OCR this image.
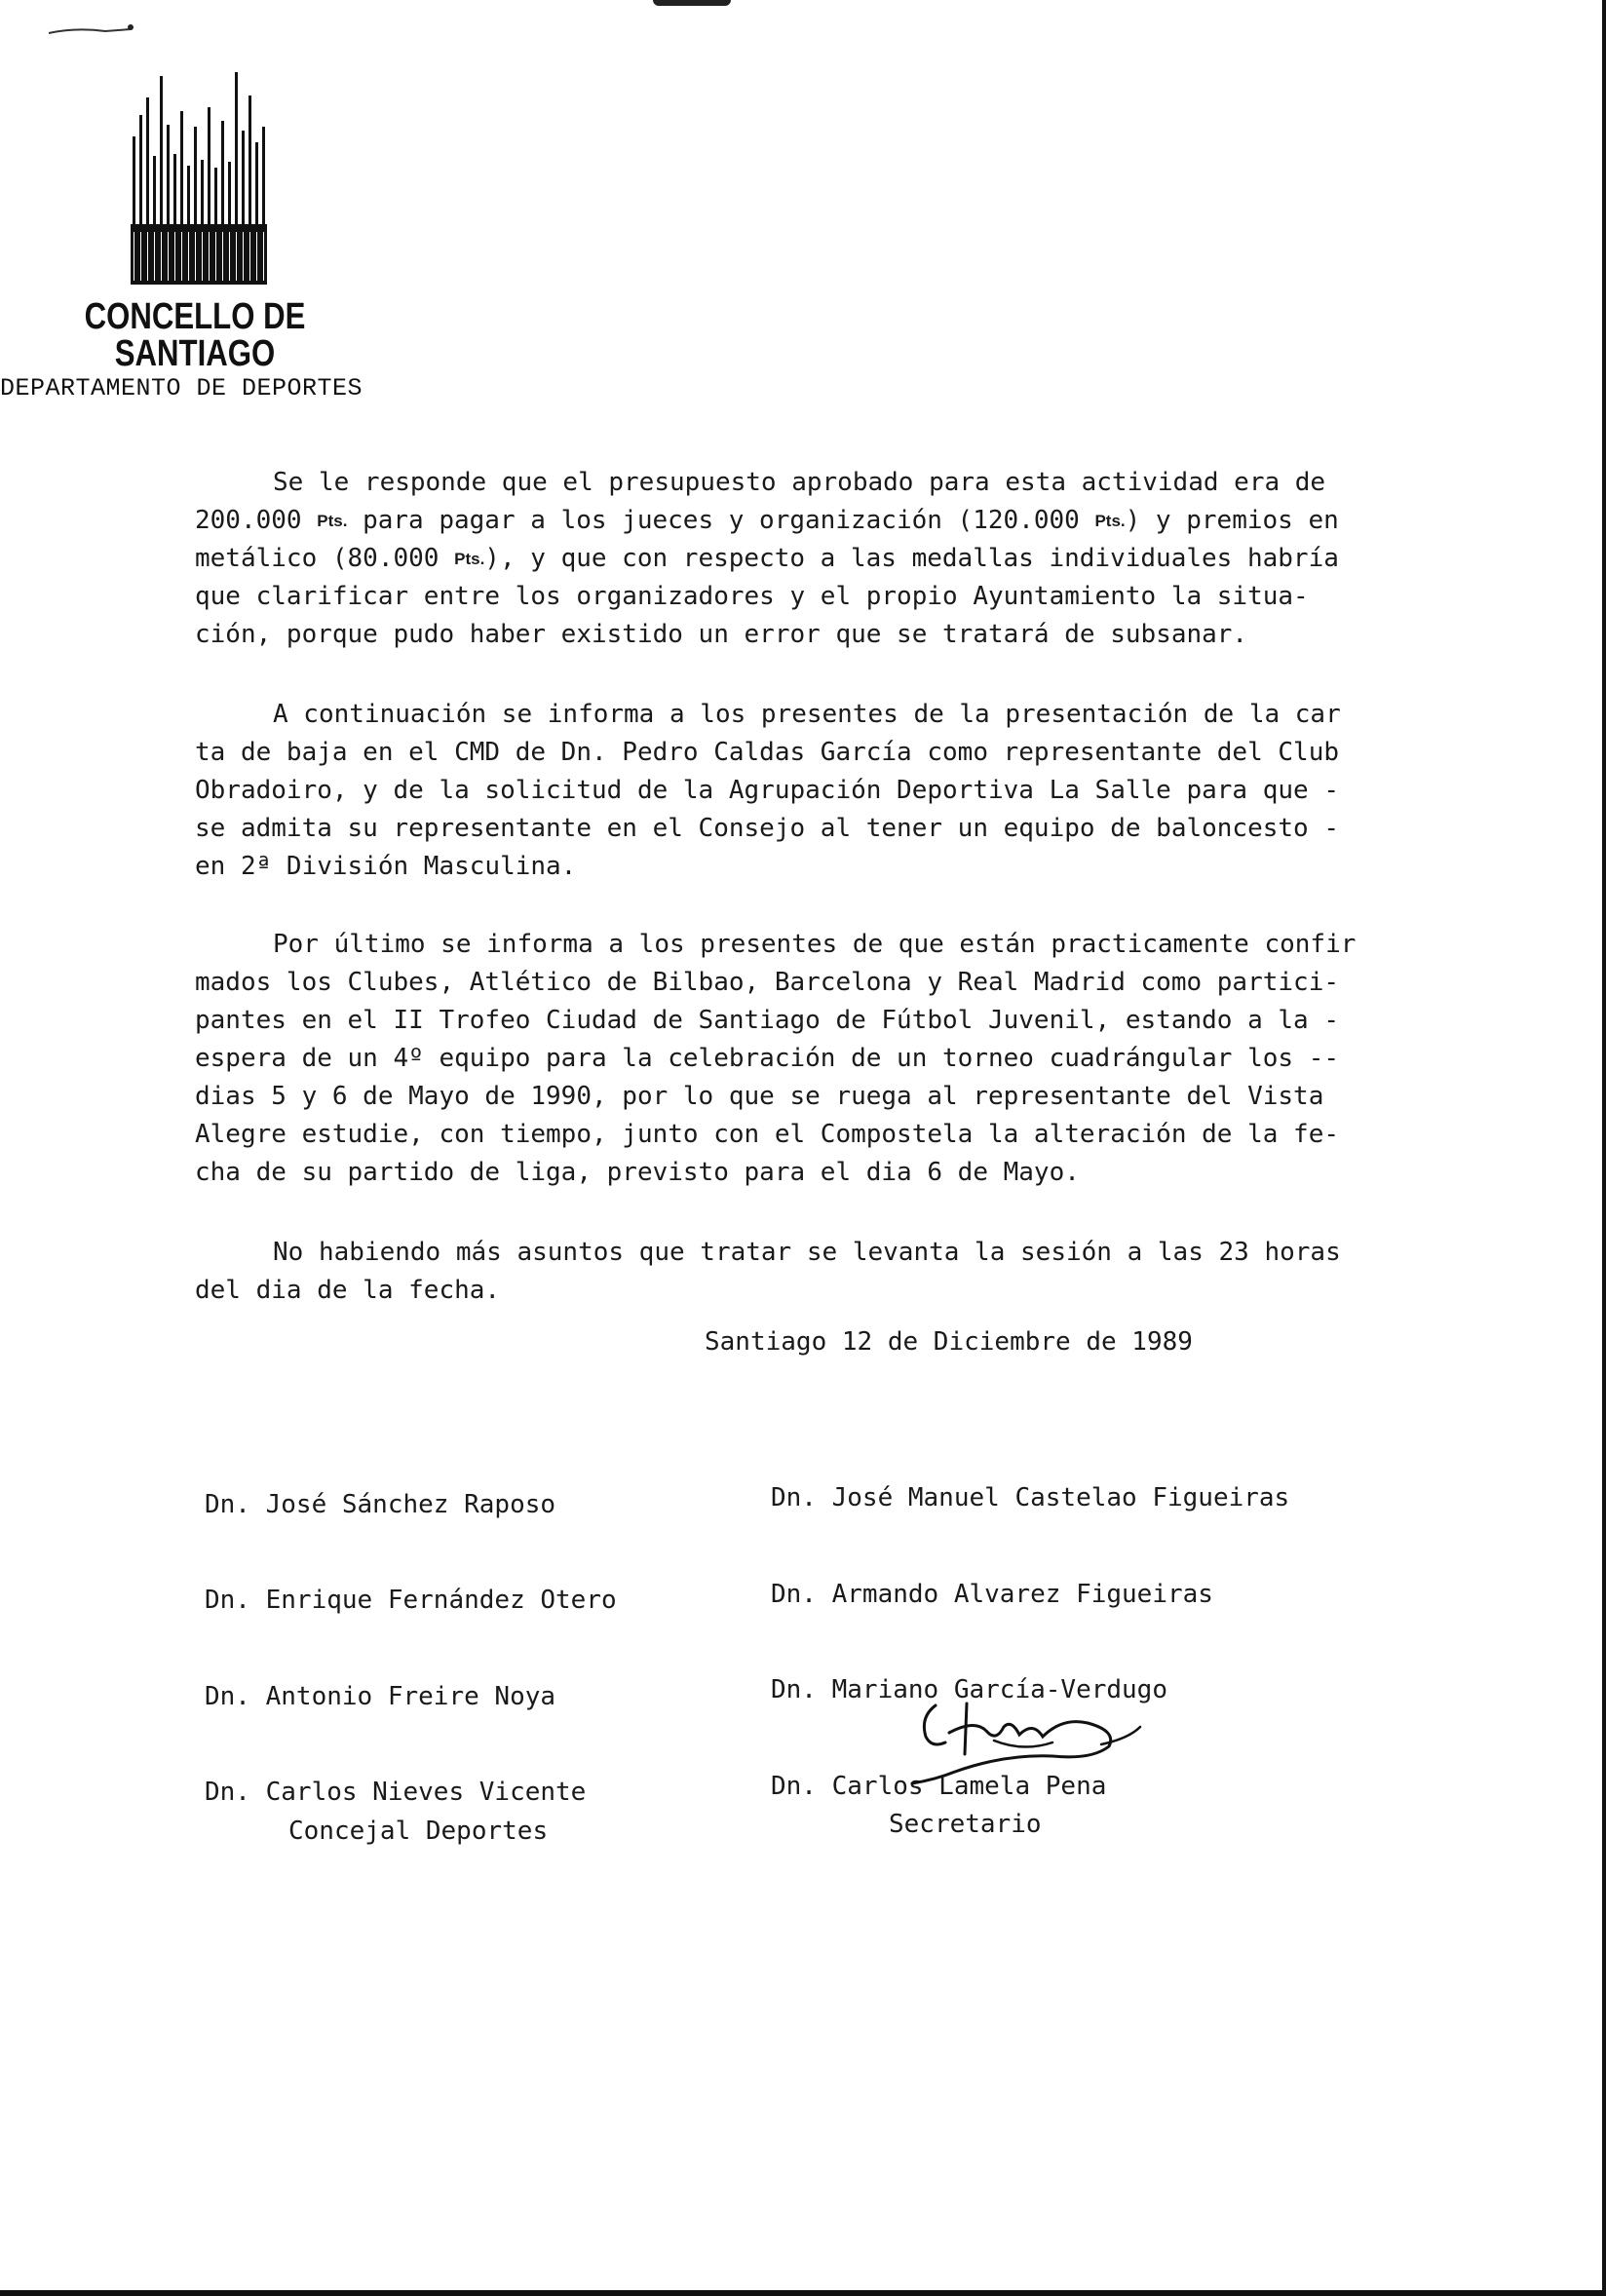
CONCELLO DE
SANTIAGO
DEPARTAMENTO DE DEPORTES
Se le responde que el presupuesto aprobado para esta actividad era de
200.000 Pts. para pagar a los jueces y organización (120.000 Pts.) y premios en
metálico (80.000 Pts.), y que con respecto a las medallas individuales habría
que clarificar entre los organizadores y el propio Ayuntamiento la situa-
ción, porque pudo haber existido un error que se tratará de subsanar.
A continuación se informa a los presentes de la presentación de la car
ta de baja en el CMD de Dn. Pedro Caldas García como representante del Club
Obradoiro, y de la solicitud de la Agrupación Deportiva La Salle para que -
se admita su representante en el Consejo al tener un equipo de baloncesto -
en 2ª División Masculina.
Por último se informa a los presentes de que están practicamente confir
mados los Clubes, Atlético de Bilbao, Barcelona y Real Madrid como partici-
pantes en el II Trofeo Ciudad de Santiago de Fútbol Juvenil, estando a la -
espera de un 4º equipo para la celebración de un torneo cuadrángular los --
dias 5 y 6 de Mayo de 1990, por lo que se ruega al representante del Vista
Alegre estudie, con tiempo, junto con el Compostela la alteración de la fe-
cha de su partido de liga, previsto para el dia 6 de Mayo.
No habiendo más asuntos que tratar se levanta la sesión a las 23 horas
del dia de la fecha.
Santiago 12 de Diciembre de 1989
Dn. José Sánchez Raposo
Dn. Enrique Fernández Otero
Dn. Antonio Freire Noya
Dn. Carlos Nieves Vicente
Concejal Deportes
Dn. José Manuel Castelao Figueiras
Dn. Armando Alvarez Figueiras
Dn. Mariano García-Verdugo
Dn. Carlos Lamela Pena
Secretario
